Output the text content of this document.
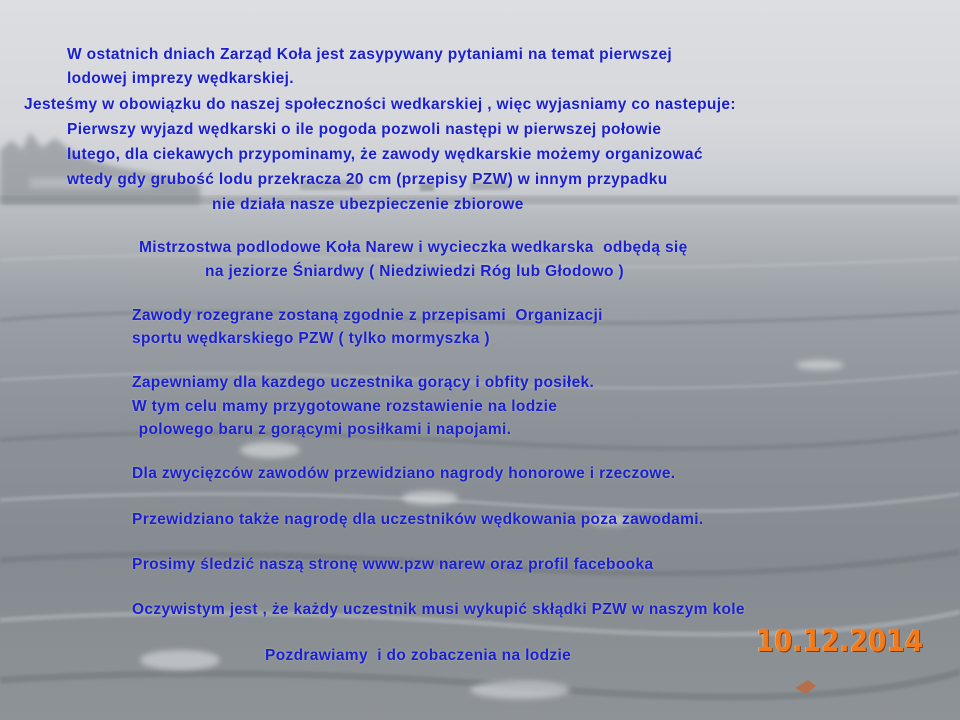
W ostatnich dniach Zarząd Koła jest zasypywany pytaniami na temat pierwszej

lodowej imprezy wędkarskiej.

Jesteśmy w obowiązku do naszej społeczności wedkarskiej , więc wyjasniamy co nastepuje:

Pierwszy wyjazd wędkarski o ile pogoda pozwoli następi w pierwszej połowie

lutego, dla ciekawych przypominamy, że zawody wędkarskie możemy organizować

wtedy gdy grubość lodu przekracza 20 cm (przepisy PZW) w innym przypadku

nie działa nasze ubezpieczenie zbiorowe

Mistrzostwa podlodowe Koła Narew i wycieczka wedkarska  odbędą się

na jeziorze Śniardwy ( Niedziwiedzi Róg lub Głodowo )

Zawody rozegrane zostaną zgodnie z przepisami  Organizacji

sportu wędkarskiego PZW ( tylko mormyszka )

Zapewniamy dla kazdego uczestnika gorący i obfity posiłek.

W tym celu mamy przygotowane rozstawienie na lodzie

polowego baru z gorącymi posiłkami i napojami.

Dla zwycięzców zawodów przewidziano nagrody honorowe i rzeczowe.

Przewidziano także nagrodę dla uczestników wędkowania poza zawodami.

Prosimy śledzić naszą stronę www.pzw narew oraz profil facebooka

Oczywistym jest , że każdy uczestnik musi wykupić skłądki PZW w naszym kole

Pozdrawiamy  i do zobaczenia na lodzie	10.12.2014
